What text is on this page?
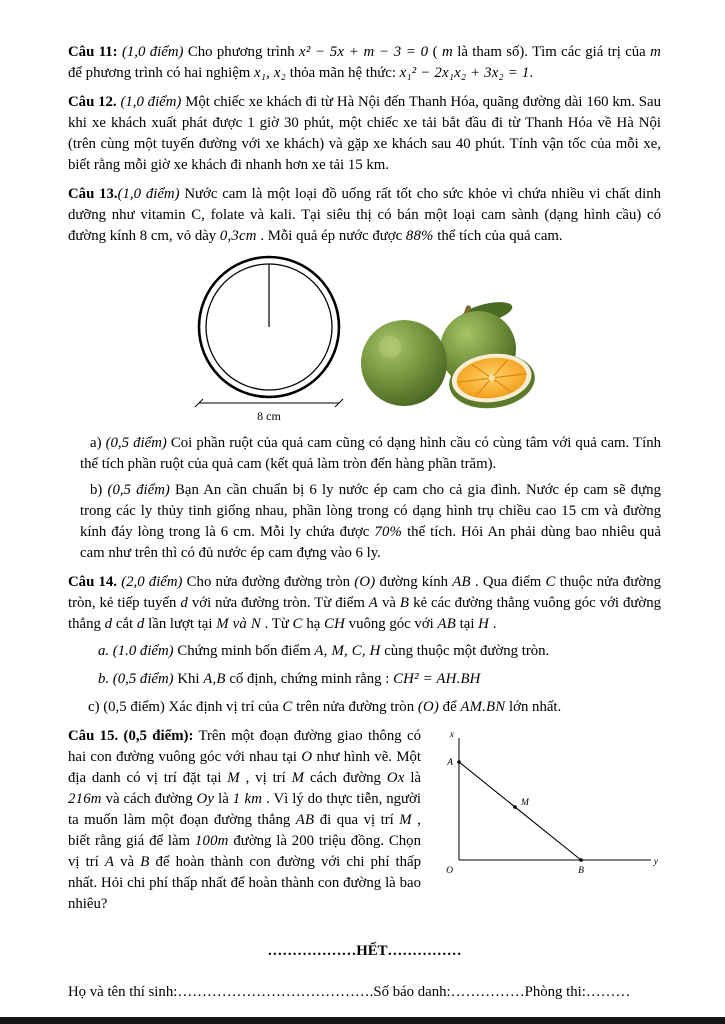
Câu 11: (1,0 điểm) Cho phương trình x² − 5x + m − 3 = 0 ( m là tham số). Tìm các giá trị của m để phương trình có hai nghiệm x₁, x₂ thỏa mãn hệ thức: x₁² − 2x₁x₂ + 3x₂ = 1.

Câu 12. (1,0 điểm) Một chiếc xe khách đi từ Hà Nội đến Thanh Hóa, quãng đường dài 160 km. Sau khi xe khách xuất phát được 1 giờ 30 phút, một chiếc xe tải bắt đầu đi từ Thanh Hóa về Hà Nội (trên cùng một tuyến đường với xe khách) và gặp xe khách sau 40 phút. Tính vận tốc của mỗi xe, biết rằng mỗi giờ xe khách đi nhanh hơn xe tải 15 km.

Câu 13.(1,0 điểm) Nước cam là một loại đồ uống rất tốt cho sức khỏe vì chứa nhiều vi chất dinh dưỡng như vitamin C, folate và kali. Tại siêu thị có bán một loại cam sành (dạng hình cầu) có đường kính 8 cm, vỏ dày 0,3cm . Mỗi quả ép nước được 88% thể tích của quả cam.

8 cm

a) (0,5 điểm) Coi phần ruột của quả cam cũng có dạng hình cầu có cùng tâm với quả cam. Tính thể tích phần ruột của quả cam (kết quả làm tròn đến hàng phần trăm).

b) (0,5 điểm) Bạn An cần chuẩn bị 6 ly nước ép cam cho cả gia đình. Nước ép cam sẽ đựng trong các ly thủy tinh giống nhau, phần lòng trong có dạng hình trụ chiều cao 15 cm và đường kính đáy lòng trong là 6 cm. Mỗi ly chứa được 70% thể tích. Hỏi An phải dùng bao nhiêu quả cam như trên thì có đủ nước ép cam đựng vào 6 ly.

Câu 14. (2,0 điểm) Cho nửa đường đường tròn (O) đường kính AB . Qua điểm C thuộc nửa đường tròn, kẻ tiếp tuyến d với nửa đường tròn. Từ điểm A và B kẻ các đường thẳng vuông góc với đường thẳng d cắt d lần lượt tại M và N . Từ C hạ CH vuông góc với AB tại H .

a. (1.0 điểm) Chứng minh bốn điểm A, M, C, H cùng thuộc một đường tròn.

b. (0,5 điểm) Khi A,B cố định, chứng minh rằng : CH² = AH.BH

c) (0,5 điểm) Xác định vị trí của C trên nửa đường tròn (O) để AM.BN lớn nhất.

x
y
A
M
O	B
Câu 15. (0,5 điểm): Trên một đoạn đường giao thông có hai con đường vuông góc với nhau tại O như hình vẽ. Một địa danh có vị trí đặt tại M , vị trí M cách đường Ox là 216m và cách đường Oy là 1 km . Vì lý do thực tiễn, người ta muốn làm một đoạn đường thẳng AB đi qua vị trí M , biết rằng giá để làm 100m đường là 200 triệu đồng. Chọn vị trí A và B để hoàn thành con đường với chi phí thấp nhất. Hỏi chi phí thấp nhất để hoàn thành con đường là bao nhiêu?

………………HẾT……………

Họ và tên thí sinh:………………………………….Số báo danh:……………Phòng thi:………
